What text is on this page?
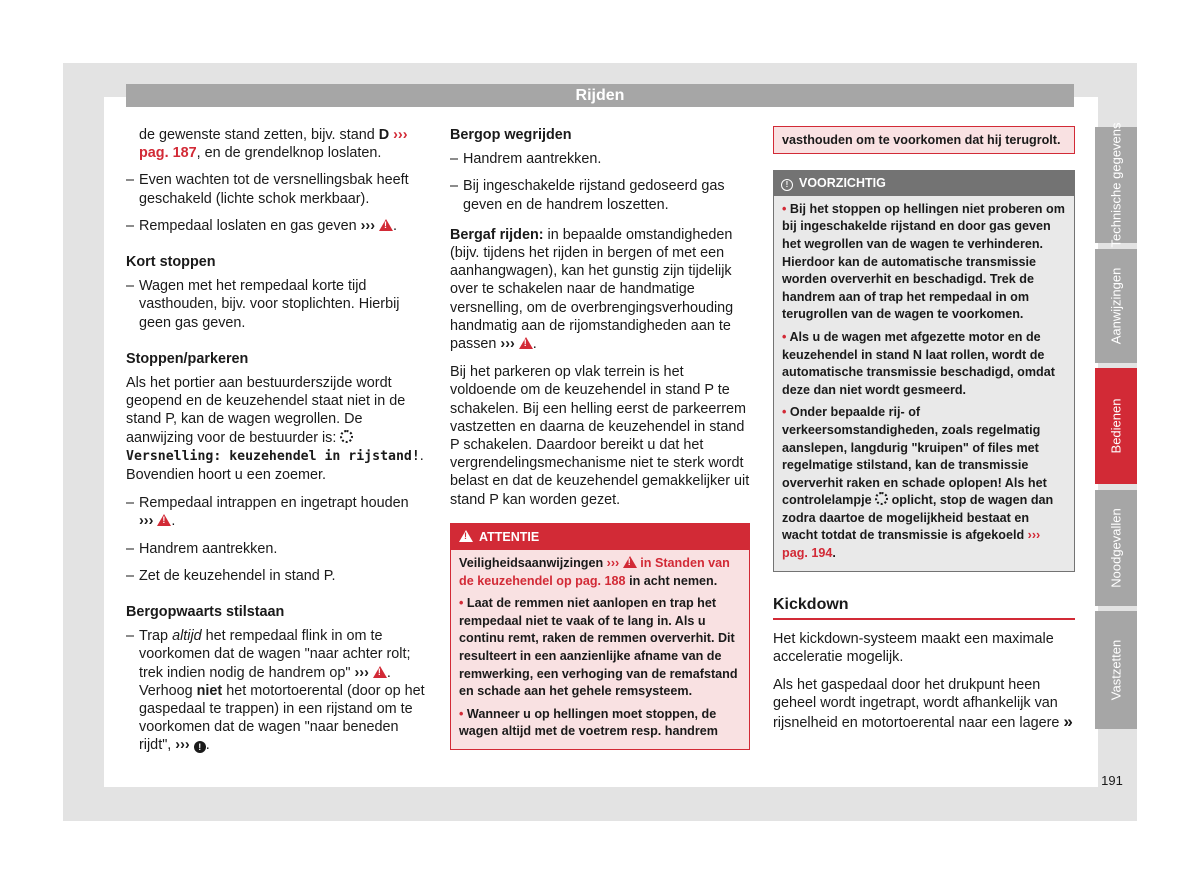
Rijden
de gewenste stand zetten, bijv. stand D ››› pag. 187, en de grendelknop loslaten.
– Even wachten tot de versnellingsbak heeft geschakeld (lichte schok merkbaar).
– Rempedaal loslaten en gas geven ››› ! .
Kort stoppen
– Wagen met het rempedaal korte tijd vasthouden, bijv. voor stoplichten. Hierbij geen gas geven.
Stoppen/parkeren

Als het portier aan bestuurderszijde wordt geopend en de keuzehendel staat niet in de stand P, kan de wagen wegrollen. De aanwijzing voor de bestuurder is:  Versnelling: keuzehendel in rijstand!. Bovendien hoort u een zoemer.

– Rempedaal intrappen en ingetrapt houden ››› ! .
– Handrem aantrekken.
– Zet de keuzehendel in stand P.
Bergopwaarts stilstaan
– Trap altijd het rempedaal flink in om te voorkomen dat de wagen "naar achter rolt; trek indien nodig de handrem op" ››› ! . Verhoog niet het motortoerental (door op het gaspedaal te trappen) in een rijstand om te voorkomen dat de wagen "naar beneden rijdt", ››› ! .
Bergop wegrijden
– Handrem aantrekken.
– Bij ingeschakelde rijstand gedoseerd gas geven en de handrem loszetten.

Bergaf rijden: in bepaalde omstandigheden (bijv. tijdens het rijden in bergen of met een aanhangwagen), kan het gunstig zijn tijdelijk over te schakelen naar de handmatige versnelling, om de overbrengingsverhouding handmatig aan de rijomstandigheden aan te passen ››› ! .

Bij het parkeren op vlak terrein is het voldoende om de keuzehendel in stand P te schakelen. Bij een helling eerst de parkeerrem vastzetten en daarna de keuzehendel in stand P schakelen. Daardoor bereikt u dat het vergrendelingsmechanisme niet te sterk wordt belast en dat de keuzehendel gemakkelijker uit stand P kan worden gezet.

!ATTENTIE

Veiligheidsaanwijzingen ››› ! in Standen van de keuzehendel op pag. 188 in acht nemen.

• Laat de remmen niet aanlopen en trap het rempedaal niet te vaak of te lang in. Als u continu remt, raken de remmen oververhit. Dit resulteert in een aanzienlijke afname van de remwerking, een verhoging van de remafstand en schade aan het gehele remsysteem.

• Wanneer u op hellingen moet stoppen, de wagen altijd met de voetrem resp. handrem

vasthouden om te voorkomen dat hij terugrolt.
! VOORZICHTIG

• Bij het stoppen op hellingen niet proberen om bij ingeschakelde rijstand en door gas geven het wegrollen van de wagen te verhinderen. Hierdoor kan de automatische transmissie worden oververhit en beschadigd. Trek de handrem aan of trap het rempedaal in om terugrollen van de wagen te voorkomen.

• Als u de wagen met afgezette motor en de keuzehendel in stand N laat rollen, wordt de automatische transmissie beschadigd, omdat deze dan niet wordt gesmeerd.

• Onder bepaalde rij- of verkeersomstandigheden, zoals regelmatig aanslepen, langdurig "kruipen" of files met regelmatige stilstand, kan de transmissie oververhit raken en schade oplopen! Als het controlelampje  oplicht, stop de wagen dan zodra daartoe de mogelijkheid bestaat en wacht totdat de transmissie is afgekoeld ››› pag. 194.

Kickdown

Het kickdown-systeem maakt een maximale acceleratie mogelijk.

Als het gaspedaal door het drukpunt heen geheel wordt ingetrapt, wordt afhankelijk van rijsnelheid en motortoerental naar een lagere »

Technische gegevens
Aanwijzingen
Bedienen
Noodgevallen
Vastzetten
191
